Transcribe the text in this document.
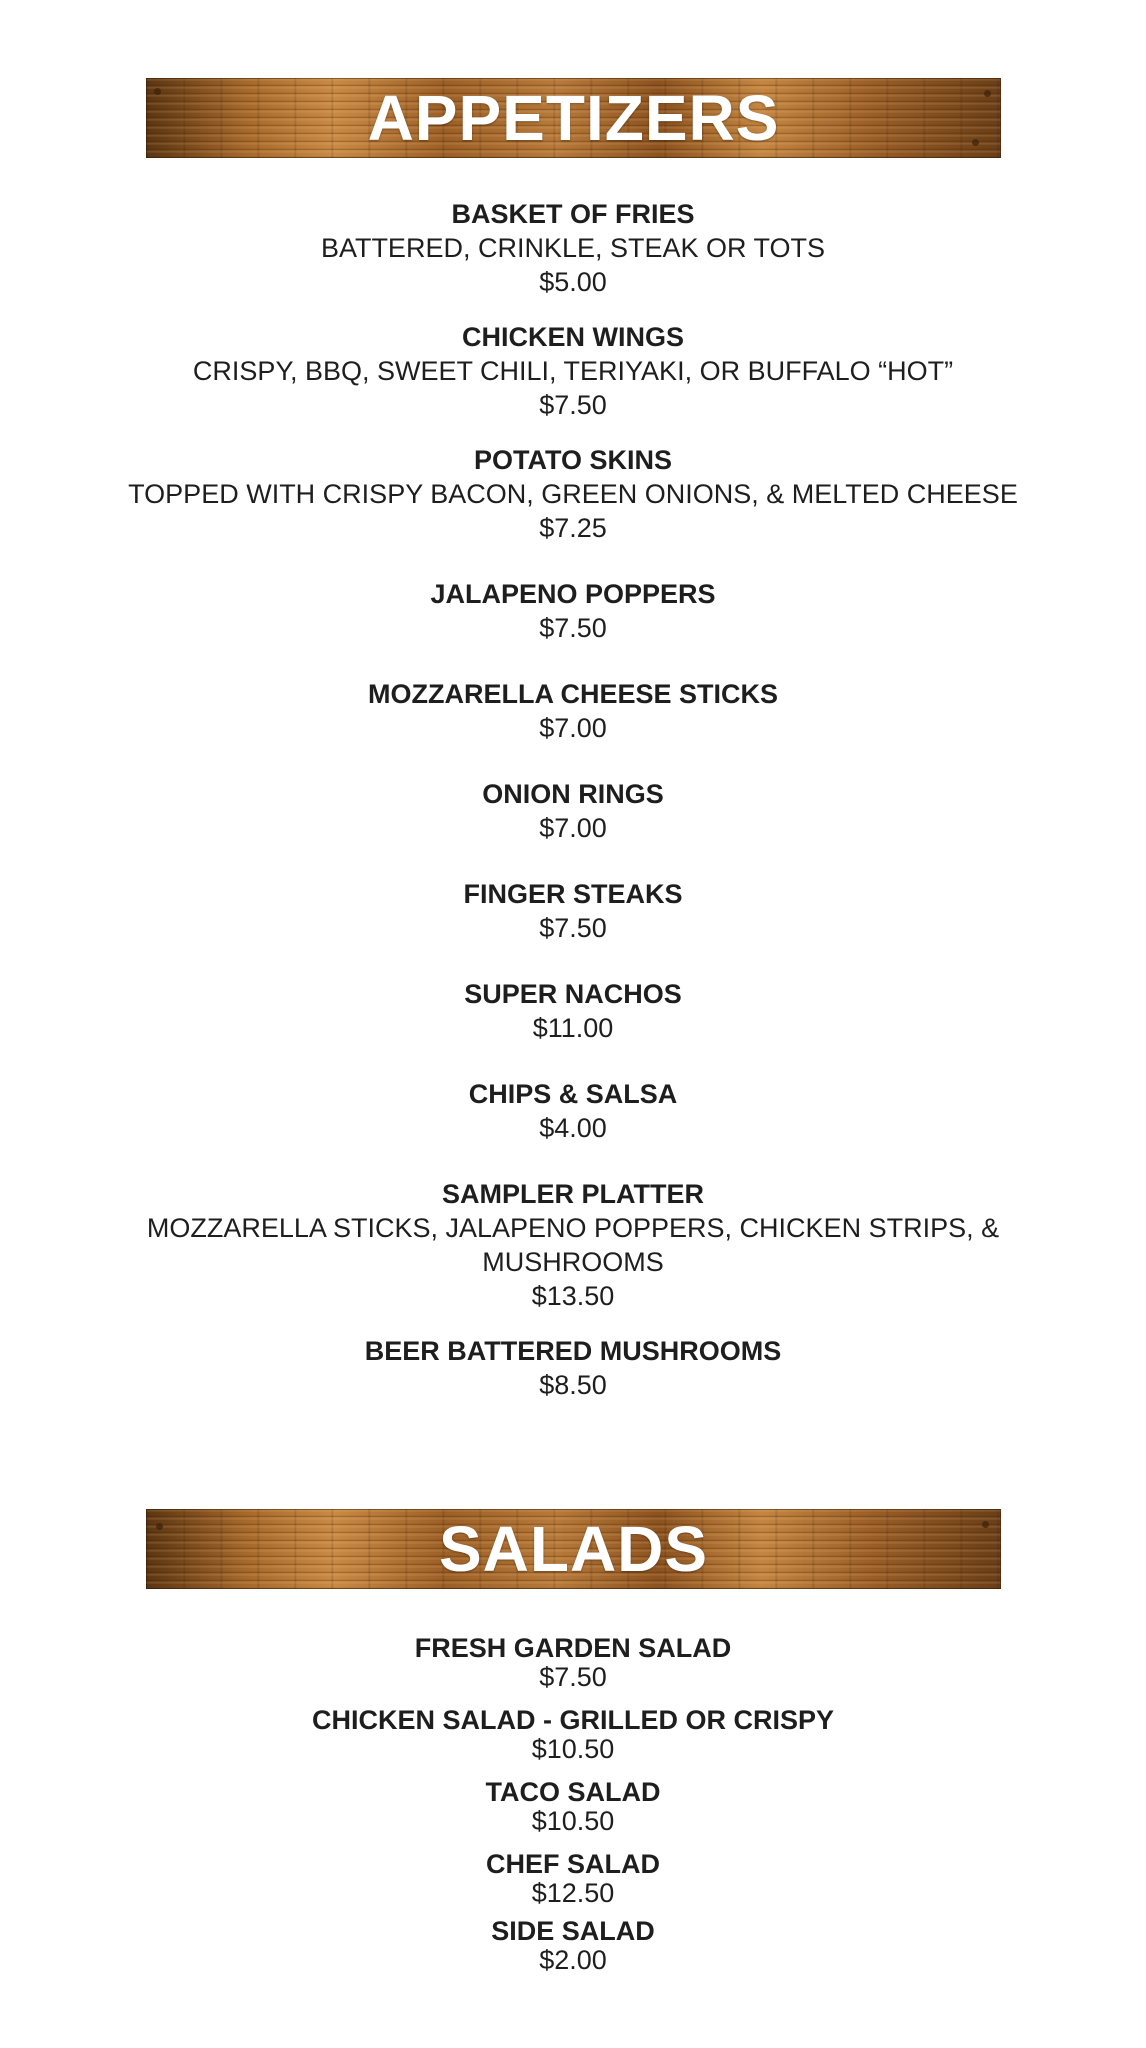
APPETIZERS
BASKET OF FRIES
BATTERED, CRINKLE, STEAK OR TOTS
$5.00
CHICKEN WINGS
CRISPY, BBQ, SWEET CHILI, TERIYAKI, OR BUFFALO “HOT”
$7.50
POTATO SKINS
TOPPED WITH CRISPY BACON, GREEN ONIONS, & MELTED CHEESE
$7.25
JALAPENO POPPERS
$7.50
MOZZARELLA CHEESE STICKS
$7.00
ONION RINGS
$7.00
FINGER STEAKS
$7.50
SUPER NACHOS
$11.00
CHIPS & SALSA
$4.00
SAMPLER PLATTER
MOZZARELLA STICKS, JALAPENO POPPERS, CHICKEN STRIPS, &
MUSHROOMS
$13.50
BEER BATTERED MUSHROOMS
$8.50
SALADS
FRESH GARDEN SALAD
$7.50
CHICKEN SALAD - GRILLED OR CRISPY
$10.50
TACO SALAD
$10.50
CHEF SALAD
$12.50
SIDE SALAD
$2.00
